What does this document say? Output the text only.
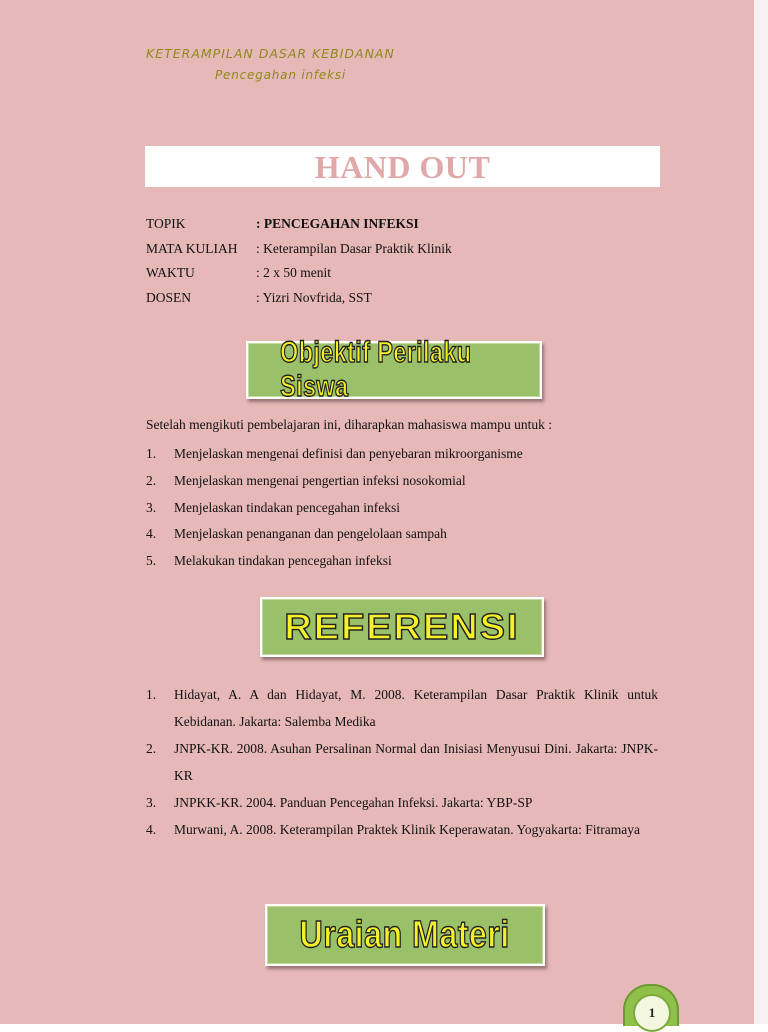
KETERAMPILAN DASAR KEBIDANAN
Pencegahan infeksi
HAND OUT
TOPIK	: PENCEGAHAN INFEKSI
MATA KULIAH	: Keterampilan Dasar Praktik Klinik
WAKTU	: 2 x 50 menit
DOSEN	: Yizri Novfrida, SST
Objektif Perilaku Siswa
Setelah mengikuti pembelajaran ini, diharapkan mahasiswa mampu untuk :
1.	Menjelaskan mengenai definisi dan penyebaran mikroorganisme
2.	Menjelaskan mengenai pengertian infeksi nosokomial
3.	Menjelaskan tindakan pencegahan infeksi
4.	Menjelaskan penanganan dan pengelolaan sampah
5.	Melakukan tindakan pencegahan infeksi
REFERENSI
1.	Hidayat, A. A dan Hidayat, M. 2008. Keterampilan Dasar Praktik Klinik untuk Kebidanan. Jakarta: Salemba Medika
2.	JNPK-KR. 2008. Asuhan Persalinan Normal dan Inisiasi Menyusui Dini. Jakarta: JNPK-KR
3.	JNPKK-KR. 2004. Panduan Pencegahan Infeksi. Jakarta: YBP-SP
4.	Murwani, A. 2008. Keterampilan Praktek Klinik Keperawatan. Yogyakarta: Fitramaya
Uraian Materi
1
